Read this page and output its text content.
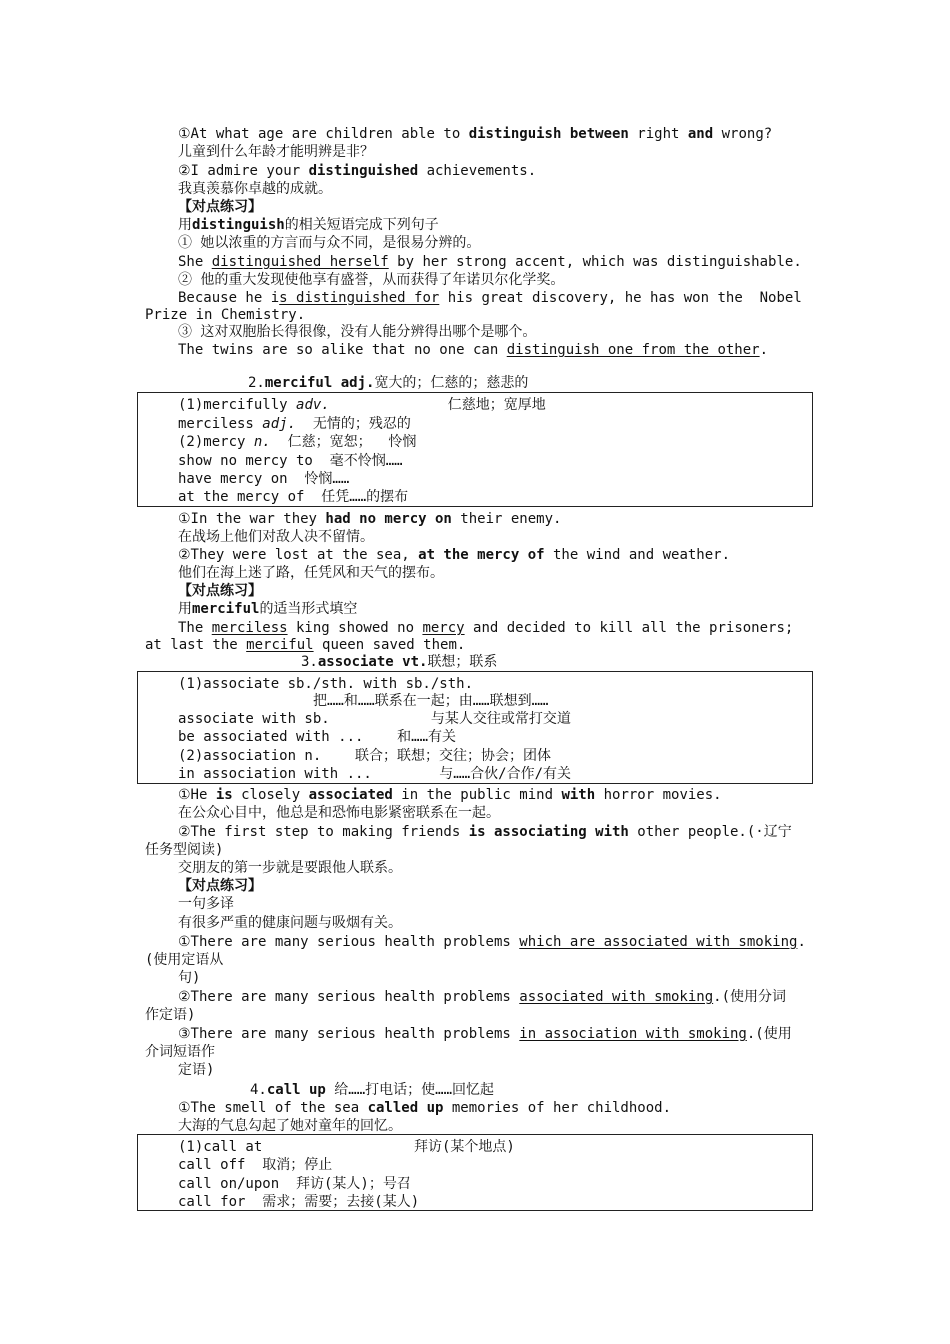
①At what age are children able to distinguish between right and wrong?
儿童到什么年龄才能明辨是非？
②I admire your distinguished achievements.
我真羡慕你卓越的成就。
【对点练习】
用distinguish的相关短语完成下列句子
① 她以浓重的方言而与众不同，是很易分辨的。
She distinguished herself by her strong accent, which was distinguishable.
② 他的重大发现使他享有盛誉，从而获得了年诺贝尔化学奖。
Because he is distinguished for his great discovery, he has won the  Nobel
Prize in Chemistry.
③ 这对双胞胎长得很像，没有人能分辨得出哪个是哪个。
The twins are so alike that no one can distinguish one from the other.
2.merciful adj.宽大的；仁慈的；慈悲的
(1)mercifully adv.              仁慈地；宽厚地
merciless adj.  无情的；残忍的
(2)mercy n.  仁慈；宽恕；  怜悯
show no mercy to  毫不怜悯……
have mercy on  怜悯……
at the mercy of  任凭……的摆布
①In the war they had no mercy on their enemy.
在战场上他们对敌人决不留情。
②They were lost at the sea, at the mercy of the wind and weather.
他们在海上迷了路，任凭风和天气的摆布。
【对点练习】
用merciful的适当形式填空
The merciless king showed no mercy and decided to kill all the prisoners;
at last the merciful queen saved them.
3.associate vt.联想；联系
(1)associate sb./sth. with sb./sth.
把……和……联系在一起；由……联想到……
associate with sb.            与某人交往或常打交道
be associated with ...    和……有关
(2)association n.    联合；联想；交往；协会；团体
in association with ...        与……合伙/合作/有关
①He is closely associated in the public mind with horror movies.
在公众心目中，他总是和恐怖电影紧密联系在一起。
②The first step to making friends is associating with other people.(·辽宁
任务型阅读)
交朋友的第一步就是要跟他人联系。
【对点练习】
一句多译
有很多严重的健康问题与吸烟有关。
①There are many serious health problems which are associated with smoking.
(使用定语从
句)
②There are many serious health problems associated with smoking.(使用分词
作定语)
③There are many serious health problems in association with smoking.(使用
介词短语作
定语)
4.call up 给……打电话；使……回忆起
①The smell of the sea called up memories of her childhood.
大海的气息勾起了她对童年的回忆。
(1)call at                  拜访(某个地点)
call off  取消；停止
call on/upon  拜访(某人)；号召
call for  需求；需要；去接(某人)
